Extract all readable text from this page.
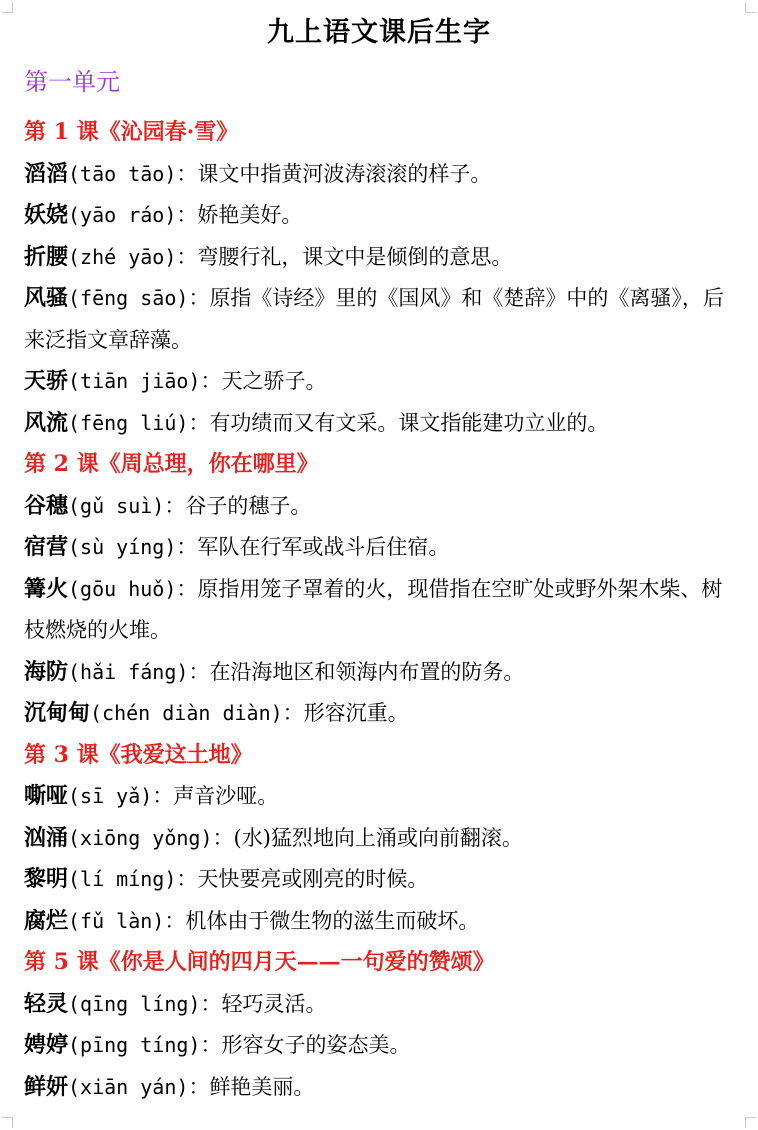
九上语文课后生字
第一单元
第 1 课《沁园春·雪》
滔滔(tāo tāo)：课文中指黄河波涛滚滚的样子。
妖娆(yāo ráo)：娇艳美好。
折腰(zhé yāo)：弯腰行礼，课文中是倾倒的意思。
风骚(fēng sāo)：原指《诗经》里的《国风》和《楚辞》中的《离骚》，后来泛指文章辞藻。
天骄(tiān jiāo)：天之骄子。
风流(fēng liú)：有功绩而又有文采。课文指能建功立业的。
第 2 课《周总理，你在哪里》
谷穗(gǔ suì)：谷子的穗子。
宿营(sù yíng)：军队在行军或战斗后住宿。
篝火(gōu huǒ)：原指用笼子罩着的火，现借指在空旷处或野外架木柴、树枝燃烧的火堆。
海防(hǎi fáng)：在沿海地区和领海内布置的防务。
沉甸甸(chén diàn diàn)：形容沉重。
第 3 课《我爱这土地》
嘶哑(sī yǎ)：声音沙哑。
汹涌(xiōng yǒng)：(水)猛烈地向上涌或向前翻滚。
黎明(lí míng)：天快要亮或刚亮的时候。
腐烂(fǔ làn)：机体由于微生物的滋生而破坏。
第 5 课《你是人间的四月天——一句爱的赞颂》
轻灵(qīng líng)：轻巧灵活。
娉婷(pīng tíng)：形容女子的姿态美。
鲜妍(xiān yán)：鲜艳美丽。
